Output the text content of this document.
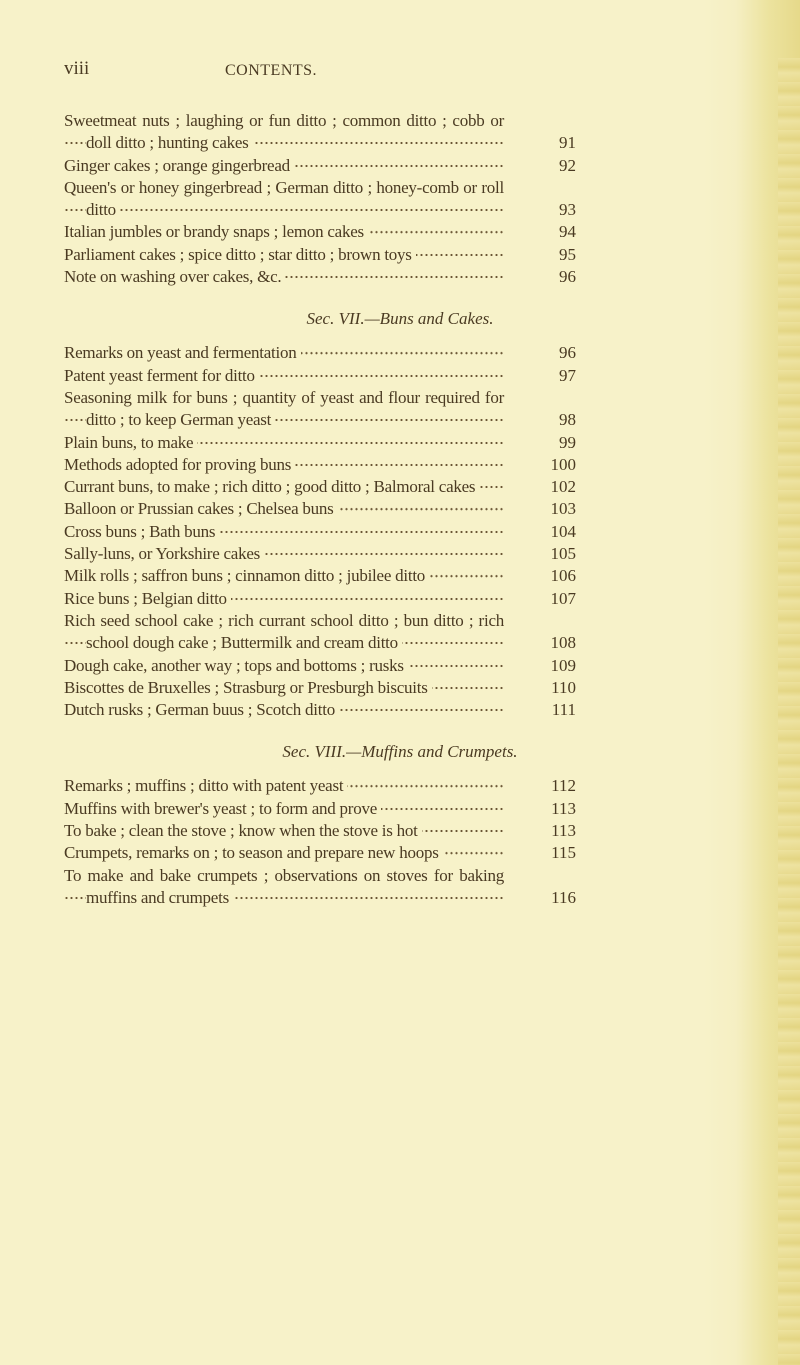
viii	CONTENTS.
Sweetmeat nuts ; laughing or fun ditto ; common ditto ; cobb or doll ditto ; hunting cakes	91
Ginger cakes ; orange gingerbread	92
Queen's or honey gingerbread ; German ditto ; honey-comb or roll ditto	93
Italian jumbles or brandy snaps ; lemon cakes	94
Parliament cakes ; spice ditto ; star ditto ; brown toys	95
Note on washing over cakes, &c.	96
Sec. VII.—Buns and Cakes.
Remarks on yeast and fermentation	96
Patent yeast ferment for ditto	97
Seasoning milk for buns ; quantity of yeast and flour required for ditto ; to keep German yeast	98
Plain buns, to make	99
Methods adopted for proving buns	100
Currant buns, to make ; rich ditto ; good ditto ; Balmoral cakes	102
Balloon or Prussian cakes ; Chelsea buns	103
Cross buns ; Bath buns	104
Sally-luns, or Yorkshire cakes	105
Milk rolls ; saffron buns ; cinnamon ditto ; jubilee ditto	106
Rice buns ; Belgian ditto	107
Rich seed school cake ; rich currant school ditto ; bun ditto ; rich school dough cake ; Buttermilk and cream ditto	108
Dough cake, another way ; tops and bottoms ; rusks	109
Biscottes de Bruxelles ; Strasburg or Presburgh biscuits	110
Dutch rusks ; German buus ; Scotch ditto	111
Sec. VIII.—Muffins and Crumpets.
Remarks ; muffins ; ditto with patent yeast	112
Muffins with brewer's yeast ; to form and prove	113
To bake ; clean the stove ; know when the stove is hot	113
Crumpets, remarks on ; to season and prepare new hoops	115
To make and bake crumpets ; observations on stoves for baking muffins and crumpets	116
